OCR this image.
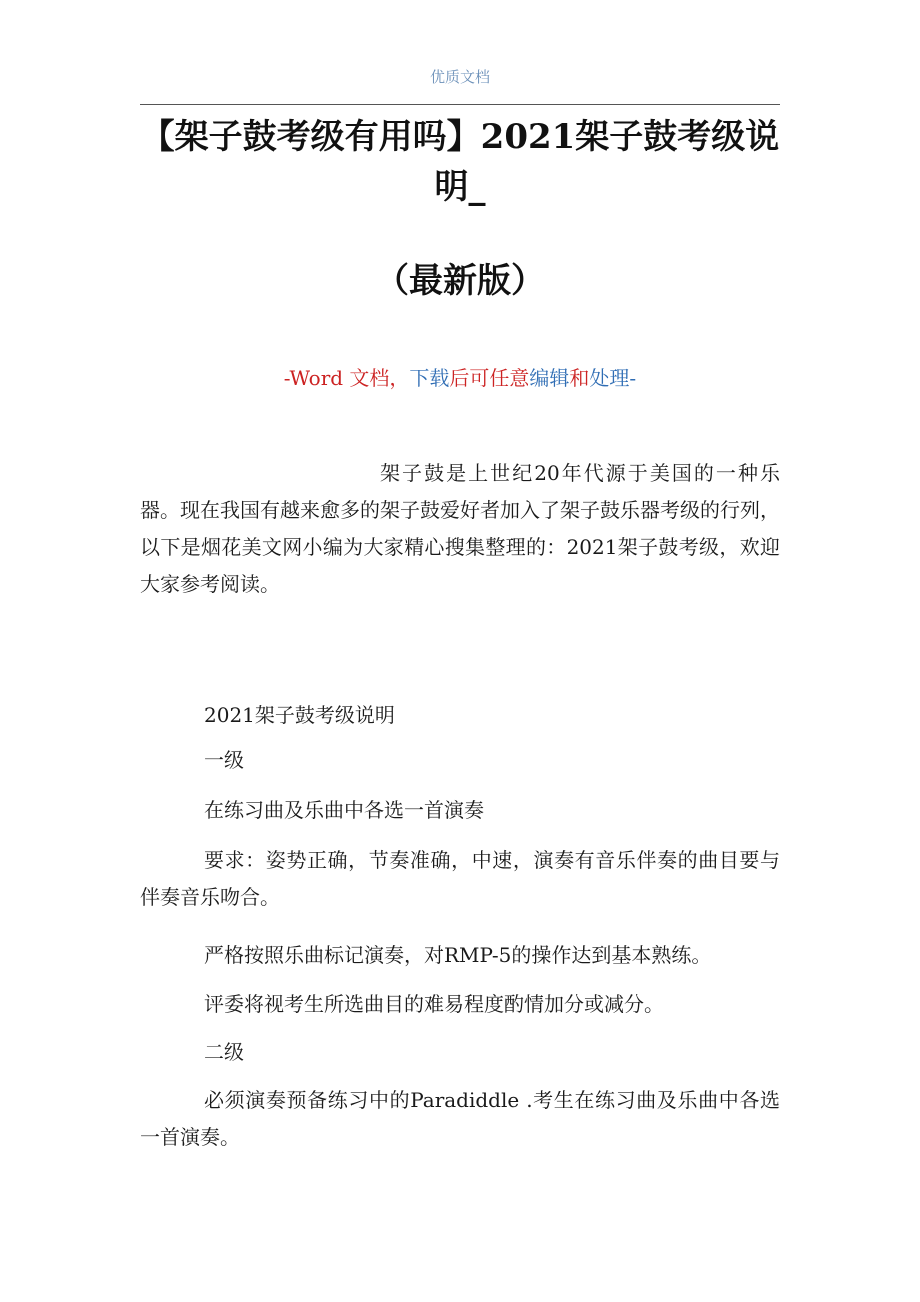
优质文档
【架子鼓考级有用吗】2021架子鼓考级说明_
（最新版）
-Word 文档，下载后可任意编辑和处理-
架子鼓是上世纪20年代源于美国的一种乐器。现在我国有越来愈多的架子鼓爱好者加入了架子鼓乐器考级的行列，以下是烟花美文网小编为大家精心搜集整理的：2021架子鼓考级，欢迎大家参考阅读。
2021架子鼓考级说明
一级
在练习曲及乐曲中各选一首演奏
要求：姿势正确，节奏准确，中速，演奏有音乐伴奏的曲目要与伴奏音乐吻合。
严格按照乐曲标记演奏，对RMP-5的操作达到基本熟练。
评委将视考生所选曲目的难易程度酌情加分或减分。
二级
必须演奏预备练习中的Paradiddle .考生在练习曲及乐曲中各选一首演奏。
